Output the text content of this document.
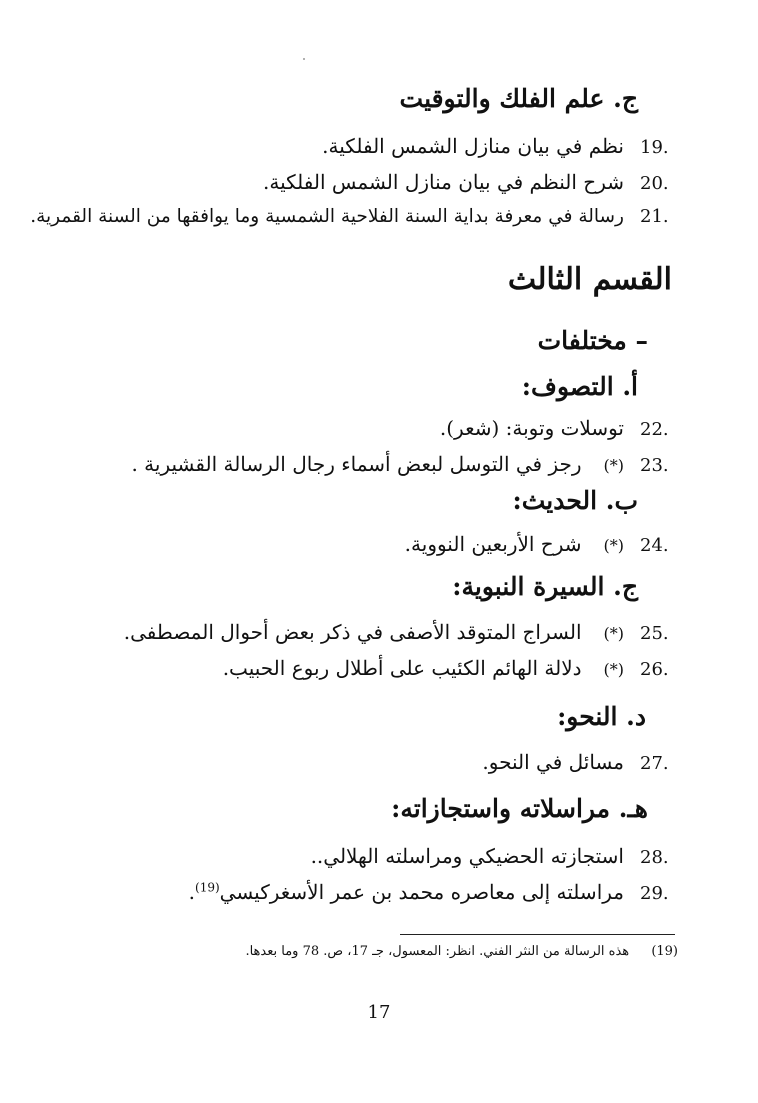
ج. علم الفلك والتوقيت
19.
نظم في بيان منازل الشمس الفلكية.
20.
شرح النظم في بيان منازل الشمس الفلكية.
21.
رسالة في معرفة بداية السنة الفلاحية الشمسية وما يوافقها من السنة القمرية.
القسم الثالث
– مختلفات
أ. التصوف:
22.
توسلات وتوبة: (شعر).
23.
(*)
رجز في التوسل لبعض أسماء رجال الرسالة القشيرية .
ب. الحديث:
24.
(*)
شرح الأربعين النووية.
ج. السيرة النبوية:
25.
(*)
السراج المتوقد الأصفى في ذكر بعض أحوال المصطفى.
26.
(*)
دلالة الهائم الكئيب على أطلال ربوع الحبيب.
د. النحو:
27.
مسائل في النحو.
هـ. مراسلاته واستجازاته:
28.
استجازته الحضيكي ومراسلته الهلالي..
29.
مراسلته إلى معاصره محمد بن عمر الأسغركيسي$^{(19)}$.
(19) هذه الرسالة من النثر الفني. انظر: المعسول، جـ 17، ص. 78 وما بعدها.
17
